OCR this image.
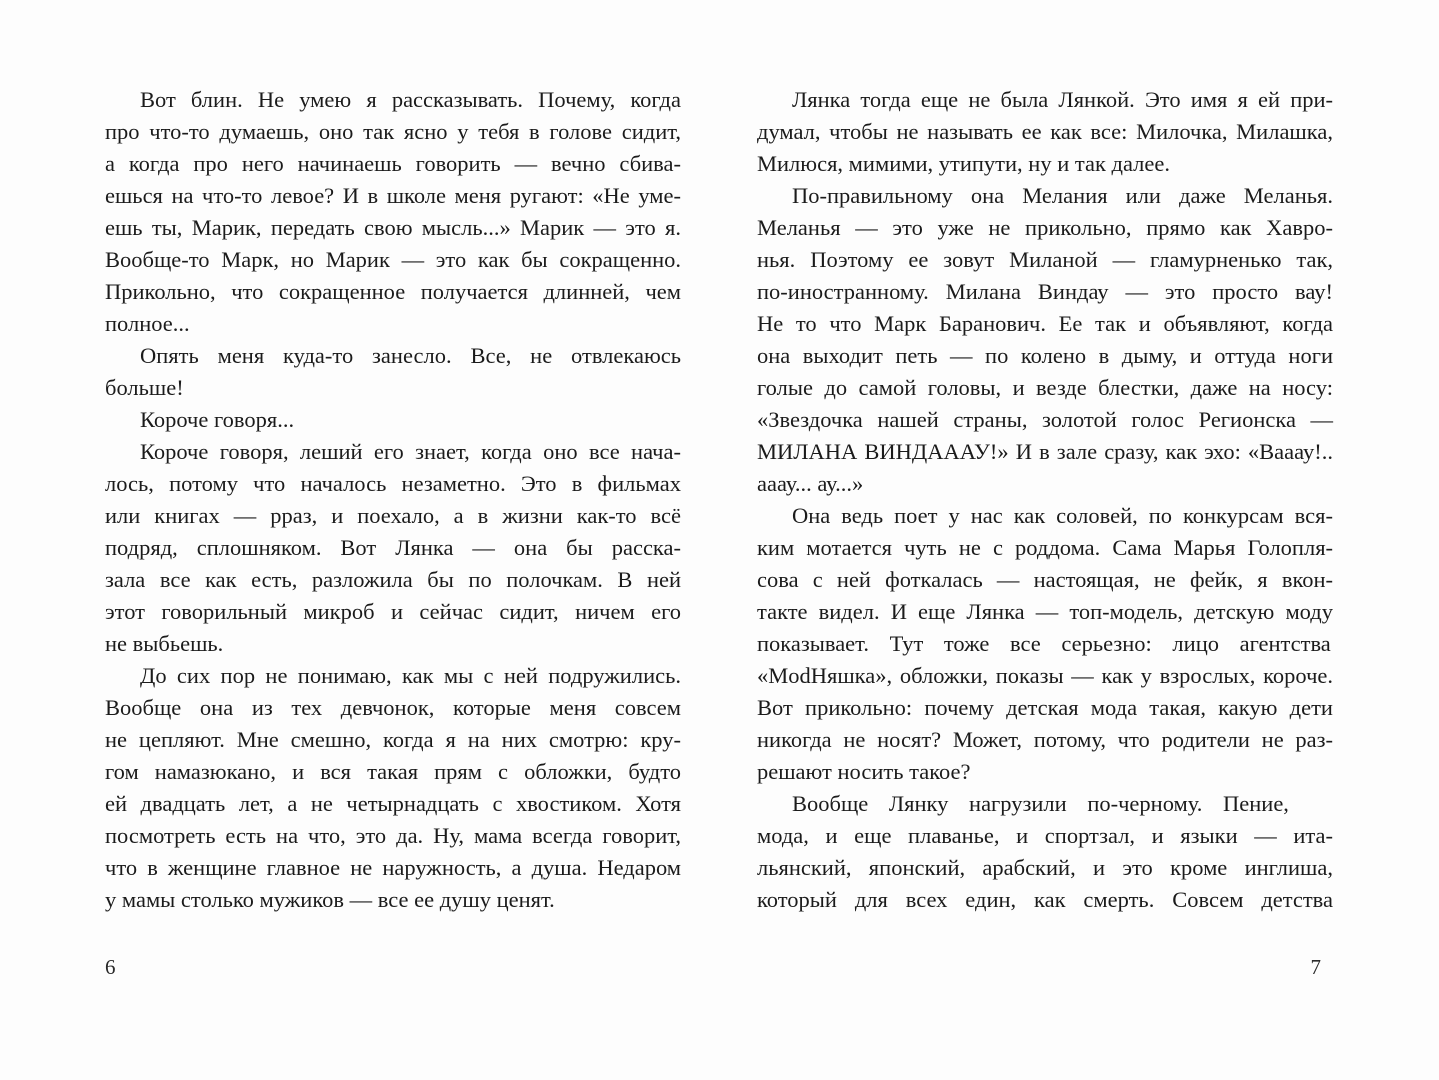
Вот блин. Не умею я рассказывать. Почему, когда
про что-то думаешь, оно так ясно у тебя в голове сидит,
а когда про него начинаешь говорить — вечно сбива-
ешься на что-то левое? И в школе меня ругают: «Не уме-
ешь ты, Марик, передать свою мысль...» Марик — это я.
Вообще-то Марк, но Марик — это как бы сокращенно.
Прикольно, что сокращенное получается длинней, чем
полное...
Опять меня куда-то занесло. Все, не отвлекаюсь
больше!
Короче говоря...
Короче говоря, леший его знает, когда оно все нача-
лось, потому что началось незаметно. Это в фильмах
или книгах — рраз, и поехало, а в жизни как-то всё
подряд, сплошняком. Вот Лянка — она бы расска-
зала все как есть, разложила бы по полочкам. В ней
этот говорильный микроб и сейчас сидит, ничем его
не выбьешь.
До сих пор не понимаю, как мы с ней подружились.
Вообще она из тех девчонок, которые меня совсем
не цепляют. Мне смешно, когда я на них смотрю: кру-
гом намазюкано, и вся такая прям с обложки, будто
ей двадцать лет, а не четырнадцать с хвостиком. Хотя
посмотреть есть на что, это да. Ну, мама всегда говорит,
что в женщине главное не наружность, а душа. Недаром
у мамы столько мужиков — все ее душу ценят.
6
Лянка тогда еще не была Лянкой. Это имя я ей при-
думал, чтобы не называть ее как все: Милочка, Милашка,
Милюся, мимими, утипути, ну и так далее.
По-правильному она Мелания или даже Меланья.
Меланья — это уже не прикольно, прямо как Хавро-
нья. Поэтому ее зовут Миланой — гламурненько так,
по-иностранному. Милана Виндау — это просто вау!
Не то что Марк Баранович. Ее так и объявляют, когда
она выходит петь — по колено в дыму, и оттуда ноги
голые до самой головы, и везде блестки, даже на носу:
«Звездочка нашей страны, золотой голос Регионска —
МИЛАНА ВИНДАААУ!» И в зале сразу, как эхо: «Вааау!..
ааау... ау...»
Она ведь поет у нас как соловей, по конкурсам вся-
ким мотается чуть не с роддома. Сама Марья Голопля-
сова с ней фоткалась — настоящая, не фейк, я вкон-
такте видел. И еще Лянка — топ-модель, детскую моду
показывает. Тут тоже все серьезно: лицо агентства
«ModНяшка», обложки, показы — как у взрослых, короче.
Вот прикольно: почему детская мода такая, какую дети
никогда не носят? Может, потому, что родители не раз-
решают носить такое?
Вообще Лянку нагрузили по-черному. Пение,
мода, и еще плаванье, и спортзал, и языки — ита-
льянский, японский, арабский, и это кроме инглиша,
который для всех един, как смерть. Совсем детства
7
